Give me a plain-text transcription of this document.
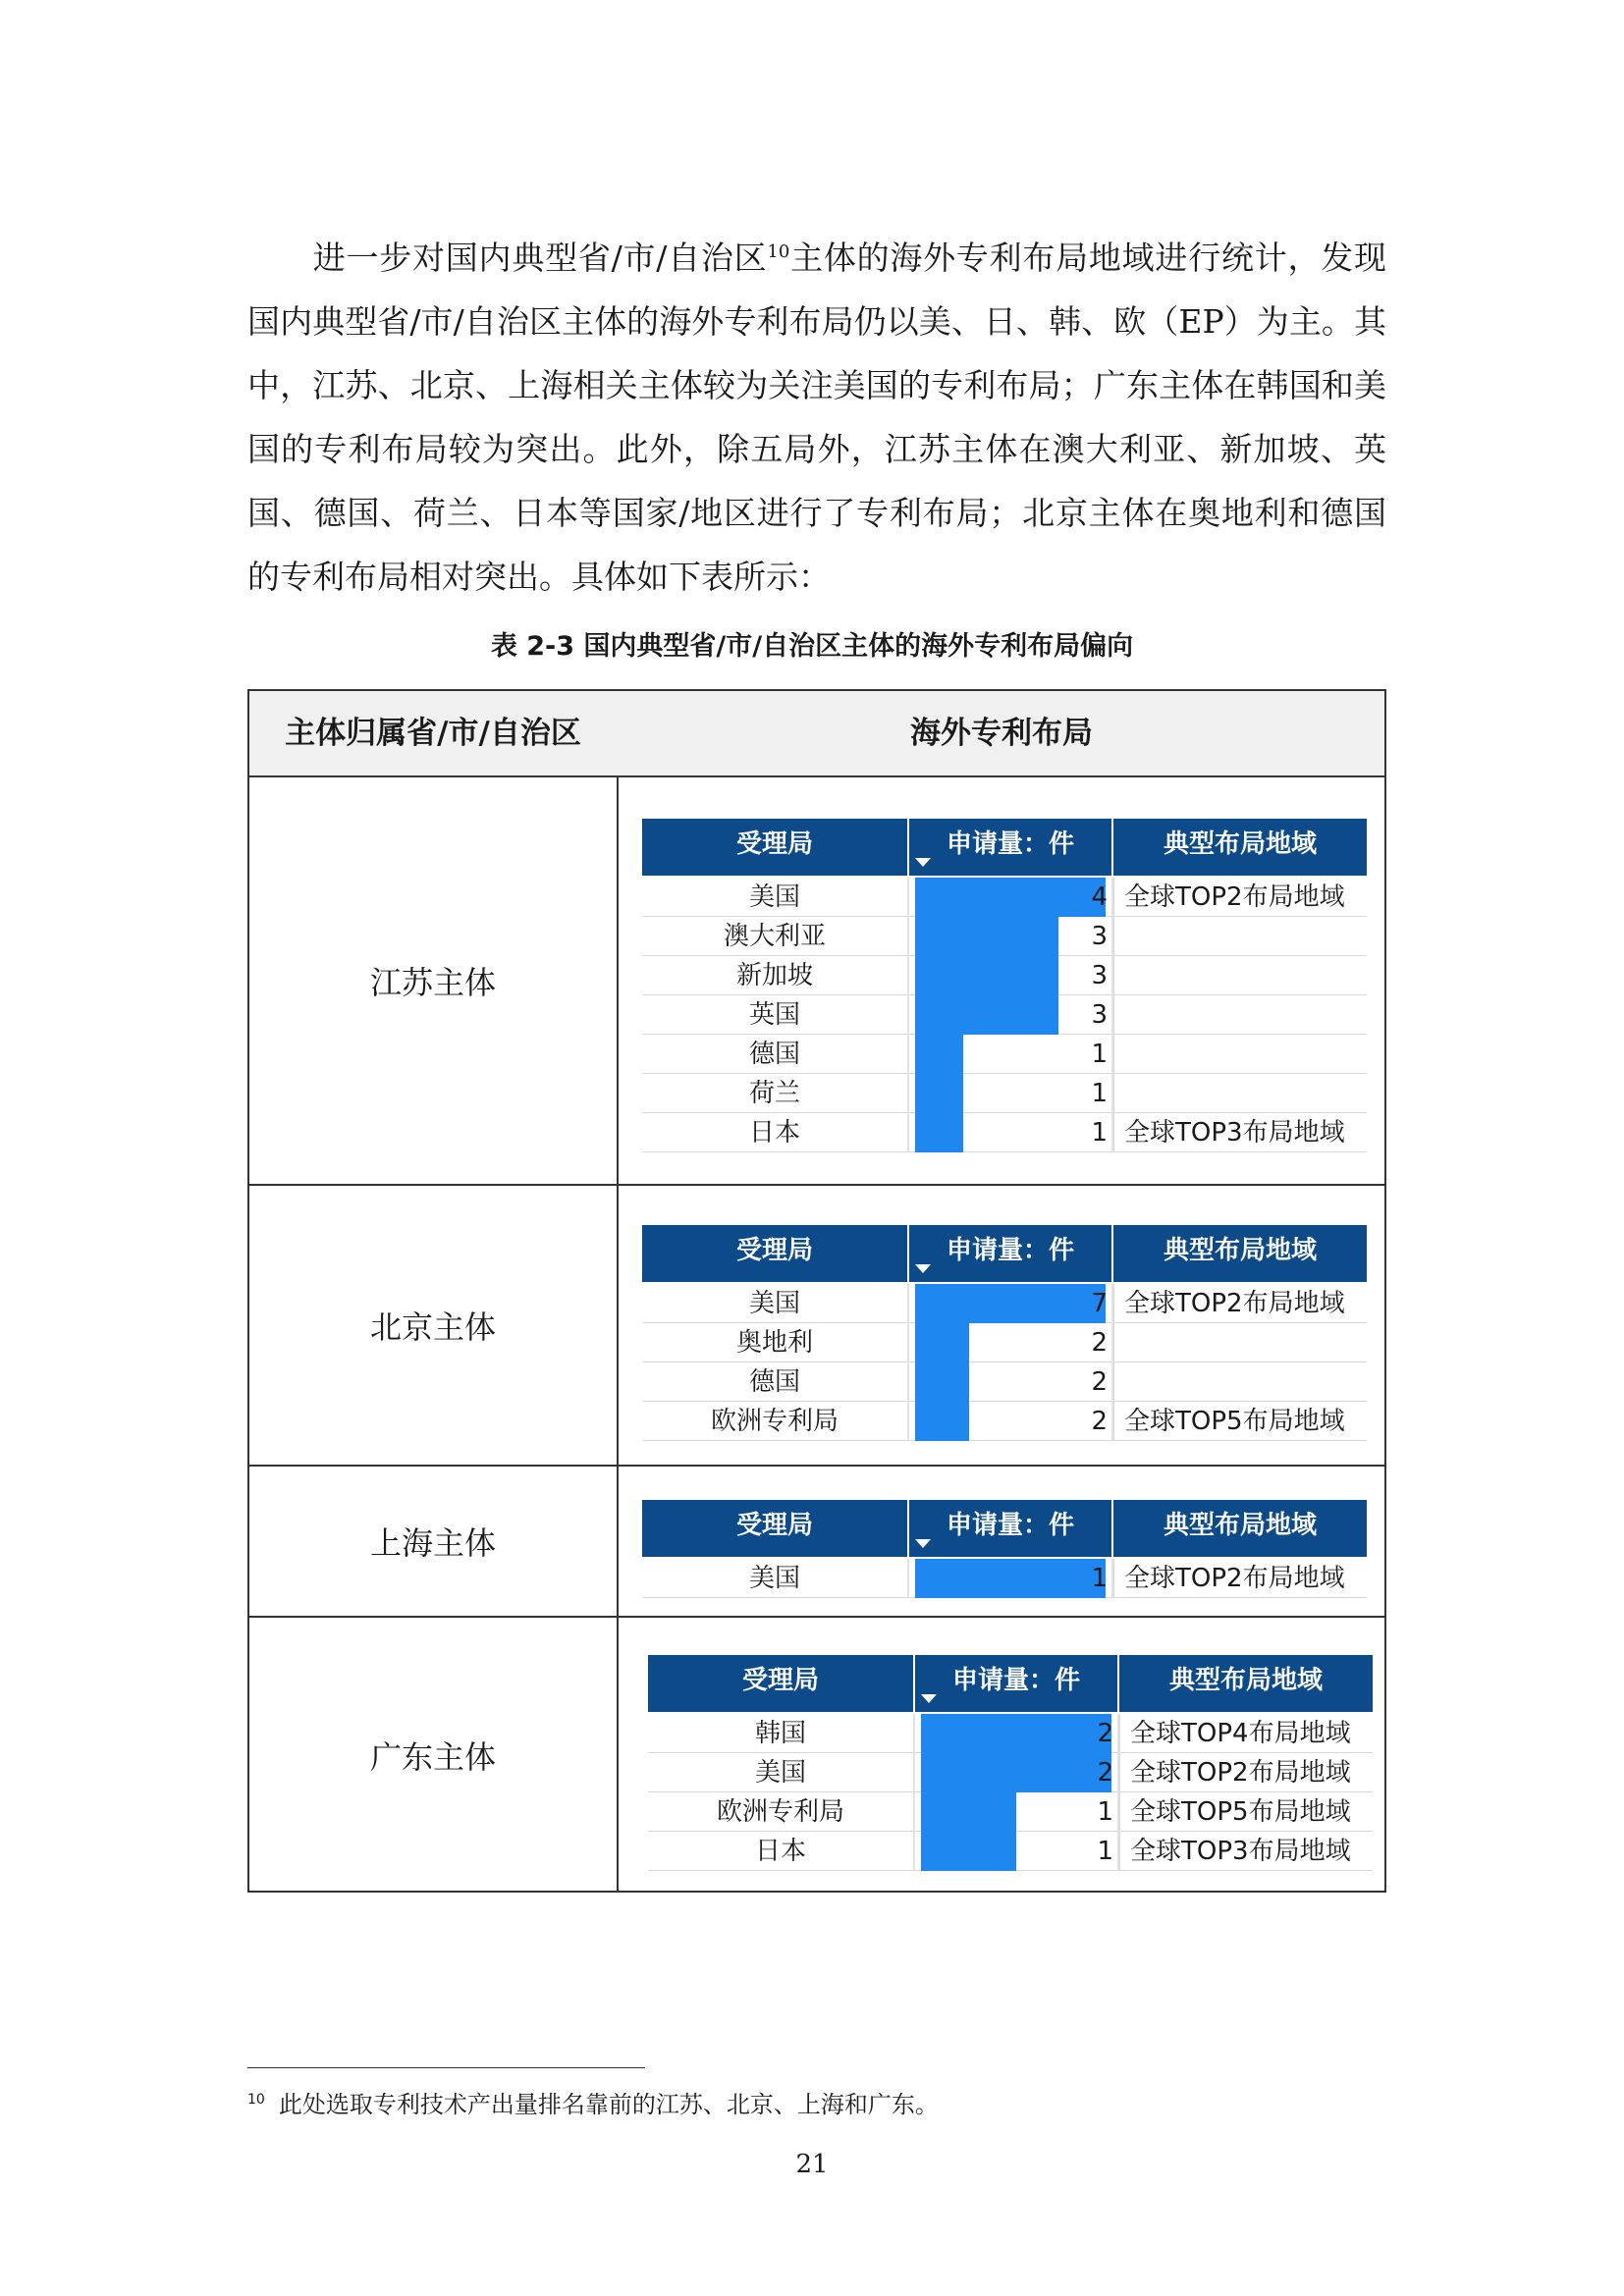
进一步对国内典型省/市/自治区$^{10}$主体的海外专利布局地域进行统计，发现国内典型省/市/自治区主体的海外专利布局仍以美、日、韩、欧（EP）为主。其中，江苏、北京、上海相关主体较为关注美国的专利布局；广东主体在韩国和美国的专利布局较为突出。此外，除五局外，江苏主体在澳大利亚、新加坡、英国、德国、荷兰、日本等国家/地区进行了专利布局；北京主体在奥地利和德国的专利布局相对突出。具体如下表所示：

表 2-3 国内典型省/市/自治区主体的海外专利布局偏向
主体归属省/市/自治区	海外专利布局
江苏主体
受理局	申请量：件	典型布局地域
美国	4 全球TOP2布局地域
澳大利亚	3
新加坡	3
英国	3
德国	1
荷兰	1
日本	1 全球TOP3布局地域
北京主体
受理局	申请量：件	典型布局地域
美国	7 全球TOP2布局地域
奥地利	2
德国	2
欧洲专利局	2 全球TOP5布局地域
上海主体	受理局	申请量：件	典型布局地域
美国	1 全球TOP2布局地域
广东主体
受理局	申请量：件	典型布局地域
韩国	2 全球TOP4布局地域
美国	2 全球TOP2布局地域
欧洲专利局	1 全球TOP5布局地域
日本	1 全球TOP3布局地域
$^{10}$ 此处选取专利技术产出量排名靠前的江苏、北京、上海和广东。
21
